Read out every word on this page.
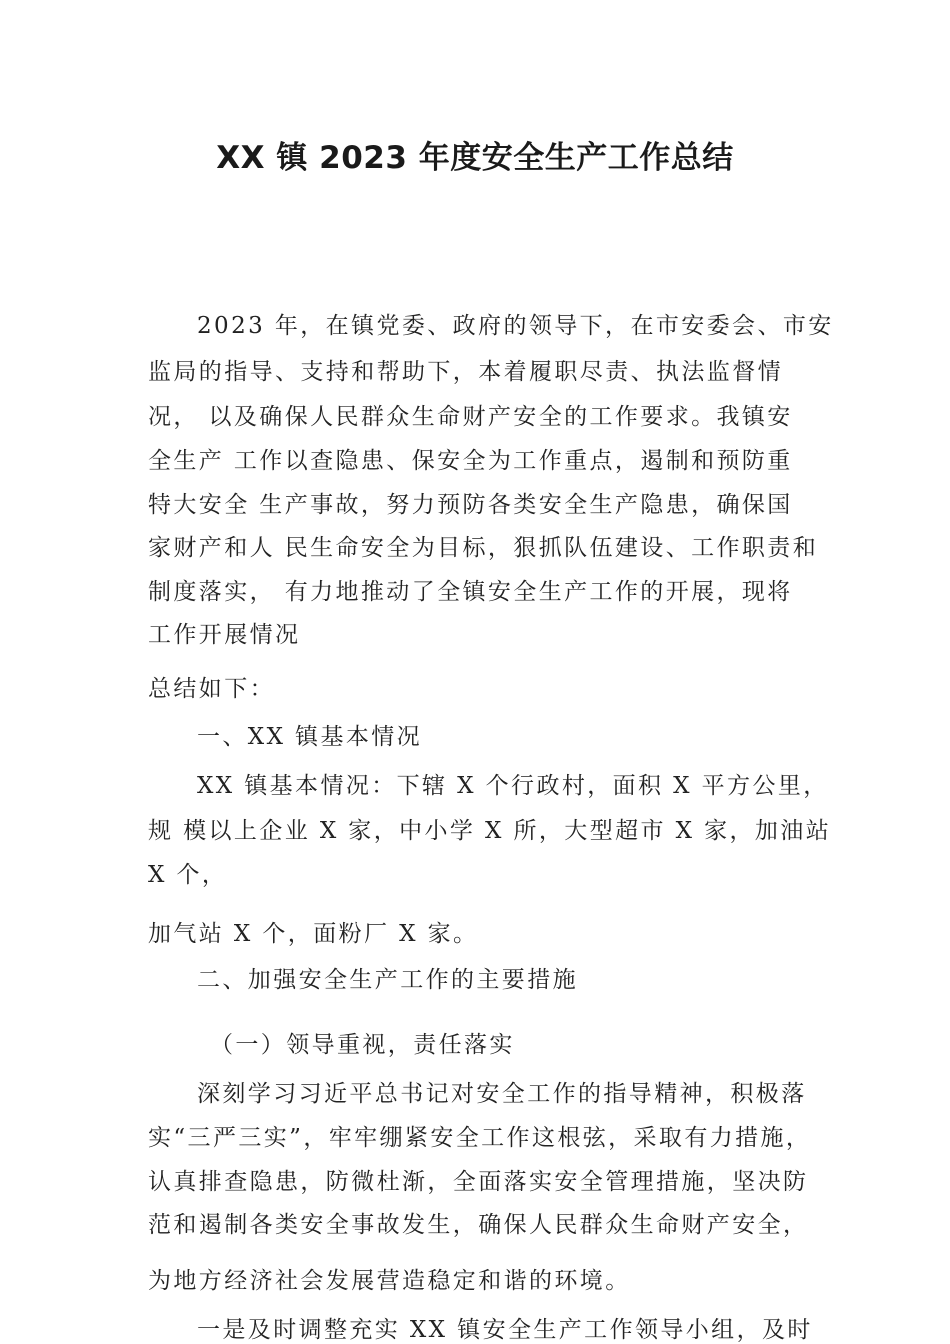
XX 镇 2023 年度安全生产工作总结
2023 年，在镇党委、政府的领导下，在市安委会、市安
监局的指导、支持和帮助下，本着履职尽责、执法监督情
况， 以及确保人民群众生命财产安全的工作要求。我镇安
全生产 工作以查隐患、保安全为工作重点，遏制和预防重
特大安全 生产事故，努力预防各类安全生产隐患，确保国
家财产和人 民生命安全为目标，狠抓队伍建设、工作职责和
制度落实， 有力地推动了全镇安全生产工作的开展，现将
工作开展情况
总结如下：
一、XX 镇基本情况
XX 镇基本情况：下辖 X 个行政村，面积 X 平方公里，
规 模以上企业 X 家，中小学 X 所，大型超市 X 家，加油站
X 个，
加气站 X 个，面粉厂 X 家。
二、加强安全生产工作的主要措施
（一）领导重视，责任落实
深刻学习习近平总书记对安全工作的指导精神，积极落
实“三严三实”，牢牢绷紧安全工作这根弦，采取有力措施，
认真排查隐患，防微杜渐，全面落实安全管理措施，坚决防
范和遏制各类安全事故发生，确保人民群众生命财产安全，
为地方经济社会发展营造稳定和谐的环境。
一是及时调整充实 XX 镇安全生产工作领导小组，及时
